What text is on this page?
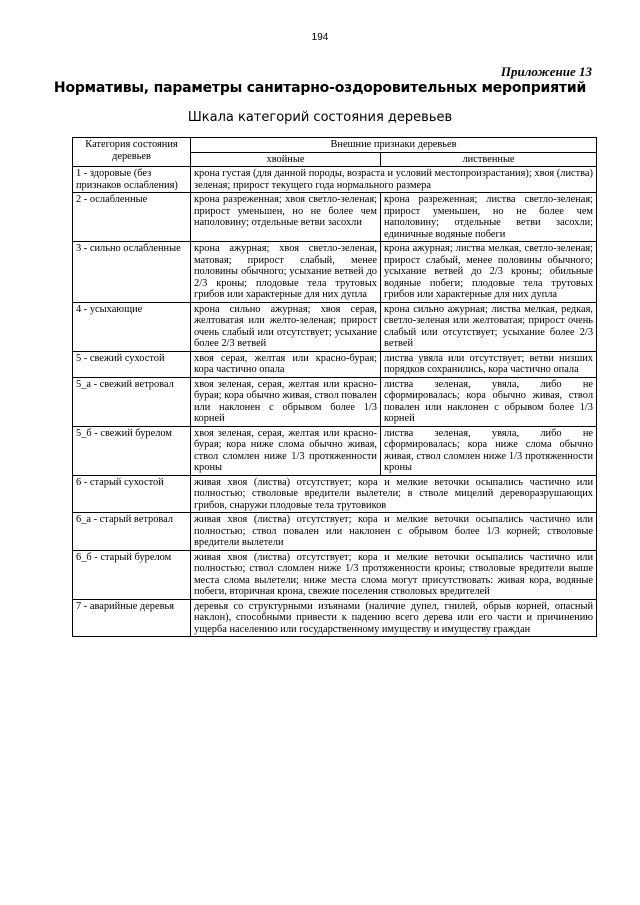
194
Приложение 13
Нормативы, параметры санитарно-оздоровительных мероприятий
Шкала категорий состояния деревьев
Категория состояния деревьев	Внешние признаки деревьев	
	хвойные	лиственные
1 - здоровые (без признаков ослабления)	крона густая (для данной породы, возраста и условий местопроизрастания); хвоя (листва) зеленая; прирост текущего года нормального размера	
2 - ослабленные	крона разреженная; хвоя светло-зеленая; прирост уменьшен, но не более чем наполовину; отдельные ветви засохли	крона разреженная; листва светло-зеленая; прирост уменьшен, но не более чем наполовину; отдельные ветви засохли; единичные водяные побеги
3 - сильно ослабленные	крона ажурная; хвоя светло-зеленая, матовая; прирост слабый, менее половины обычного; усыхание ветвей до 2/3 кроны; плодовые тела трутовых грибов или характерные для них дупла	крона ажурная; листва мелкая, светло-зеленая; прирост слабый, менее половины обычного; усыхание ветвей до 2/3 кроны; обильные водяные побеги; плодовые тела трутовых грибов или характерные для них дупла
4 - усыхающие	крона сильно ажурная; хвоя серая, желтоватая или желто-зеленая; прирост очень слабый или отсутствует; усыхание более 2/3 ветвей	крона сильно ажурная; листва мелкая, редкая, светло-зеленая или желтоватая; прирост очень слабый или отсутствует; усыхание более 2/3 ветвей
5 - свежий сухостой	хвоя серая, желтая или красно-бурая; кора частично опала	листва увяла или отсутствует; ветви низших порядков сохранились, кора частично опала
5_а - свежий ветровал	хвоя зеленая, серая, желтая или красно-бурая; кора обычно живая, ствол повален или наклонен с обрывом более 1/3 корней	листва зеленая, увяла, либо не сформировалась; кора обычно живая, ствол повален или наклонен с обрывом более 1/3 корней
5_б - свежий бурелом	хвоя зеленая, серая, желтая или красно-бурая; кора ниже слома обычно живая, ствол сломлен ниже 1/3 протяженности кроны	листва зеленая, увяла, либо не сформировалась; кора ниже слома обычно живая, ствол сломлен ниже 1/3 протяженности кроны
6 - старый сухостой	живая хвоя (листва) отсутствует; кора и мелкие веточки осыпались частично или полностью; стволовые вредители вылетели; в стволе мицелий дереворазрушающих грибов, снаружи плодовые тела трутовиков	
6_а - старый ветровал	живая хвоя (листва) отсутствует; кора и мелкие веточки осыпались частично или полностью; ствол повален или наклонен с обрывом более 1/3 корней; стволовые вредители вылетели	
6_б - старый бурелом	живая хвоя (листва) отсутствует; кора и мелкие веточки осыпались частично или полностью; ствол сломлен ниже 1/3 протяженности кроны; стволовые вредители выше места слома вылетели; ниже места слома могут присутствовать: живая кора, водяные побеги, вторичная крона, свежие поселения стволовых вредителей	
7 - аварийные деревья	деревья со структурными изъянами (наличие дупел, гнилей, обрыв корней, опасный наклон), способными привести к падению всего дерева или его части и причинению ущерба населению или государственному имуществу и имуществу граждан	
